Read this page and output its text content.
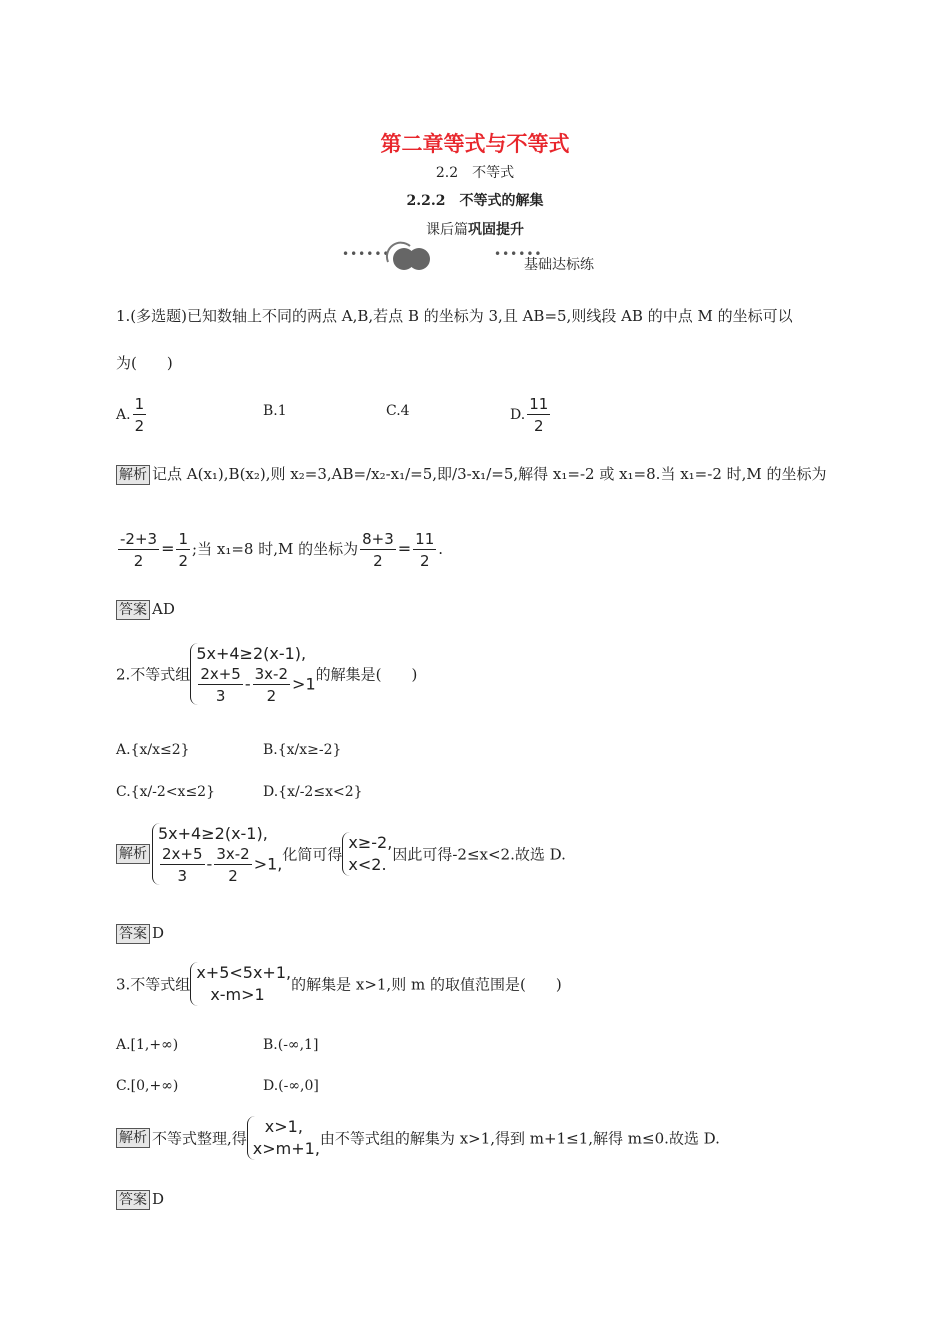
第二章等式与不等式
2.2　不等式
2.2.2　不等式的解集
课后篇巩固提升
••••••	••••••
基础达标练
1.(多选题)已知数轴上不同的两点 A,B,若点 B 的坐标为 3,且 AB=5,则线段 AB 的中点 M 的坐标可以
为(　　)
A. $\frac{1}{2}$	B.1	C.4	D. $\frac{11}{2}$
解析 记点 A(x₁),B(x₂),则 x₂=3,AB=/x₂-x₁/=5,即/3-x₁/=5,解得 x₁=-2 或 x₁=8.当 x₁=-2 时,M 的坐标为
$\frac{-2+3}{2} = \frac{1}{2}$ ;当 x₁=8 时,M 的坐标为 $\frac{8+3}{2} = \frac{11}{2}$ .
答案 AD
2.不等式组
5x+4≥2(x-1),
$\frac{2x+5}{3} - \frac{3x-2}{2} >1$ 的解集是(　　)
A.{x/x≤2}	B.{x/x≥-2}
C.{x/-2<x≤2}	D.{x/-2≤x<2}
解析
5x+4≥2(x-1),
$\frac{2x+5}{3} - \frac{3x-2}{2} >1$, 化简可得
x≥-2,
x<2.
因此可得-2≤x<2.故选 D.
答案 D
3.不等式组
x+5<5x+1,
x-m>1
的解集是 x>1,则 m 的取值范围是(　　)
A.[1,+∞)	B.(-∞,1]
C.[0,+∞)	D.(-∞,0]
解析 不等式整理,得
x>1,
x>m+1,
由不等式组的解集为 x>1,得到 m+1≤1,解得 m≤0.故选 D.
答案 D
